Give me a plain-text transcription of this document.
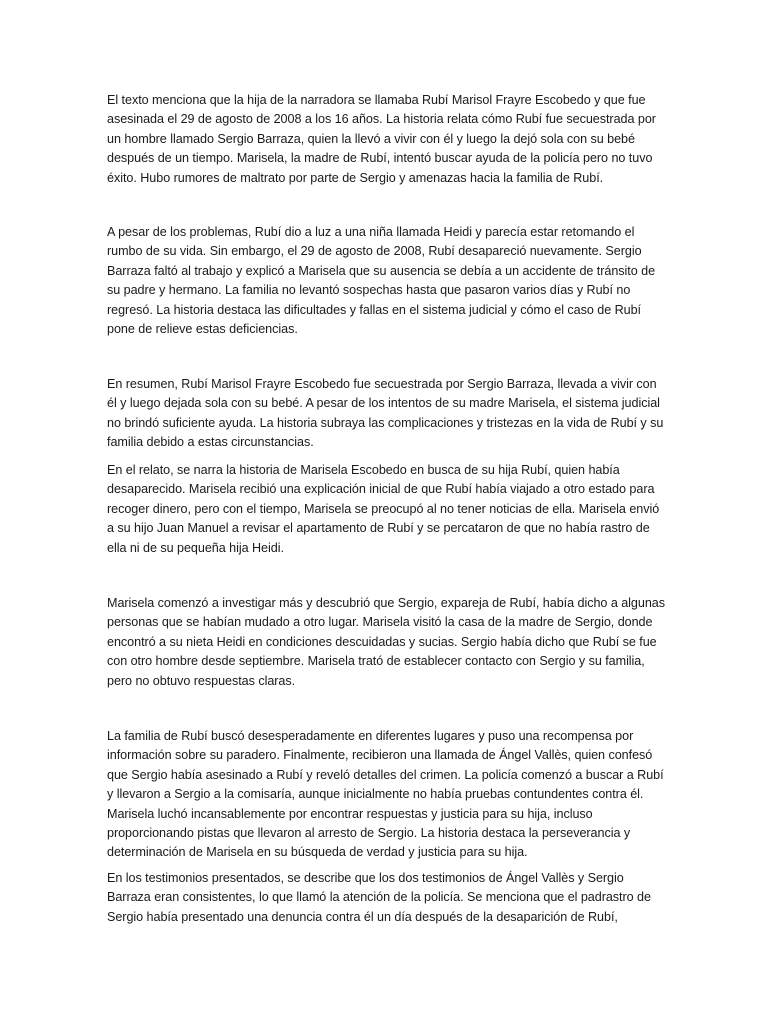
El texto menciona que la hija de la narradora se llamaba Rubí Marisol Frayre Escobedo y que fue asesinada el 29 de agosto de 2008 a los 16 años. La historia relata cómo Rubí fue secuestrada por un hombre llamado Sergio Barraza, quien la llevó a vivir con él y luego la dejó sola con su bebé después de un tiempo. Marisela, la madre de Rubí, intentó buscar ayuda de la policía pero no tuvo éxito. Hubo rumores de maltrato por parte de Sergio y amenazas hacia la familia de Rubí.

A pesar de los problemas, Rubí dio a luz a una niña llamada Heidi y parecía estar retomando el rumbo de su vida. Sin embargo, el 29 de agosto de 2008, Rubí desapareció nuevamente. Sergio Barraza faltó al trabajo y explicó a Marisela que su ausencia se debía a un accidente de tránsito de su padre y hermano. La familia no levantó sospechas hasta que pasaron varios días y Rubí no regresó. La historia destaca las dificultades y fallas en el sistema judicial y cómo el caso de Rubí pone de relieve estas deficiencias.

En resumen, Rubí Marisol Frayre Escobedo fue secuestrada por Sergio Barraza, llevada a vivir con él y luego dejada sola con su bebé. A pesar de los intentos de su madre Marisela, el sistema judicial no brindó suficiente ayuda. La historia subraya las complicaciones y tristezas en la vida de Rubí y su familia debido a estas circunstancias.

En el relato, se narra la historia de Marisela Escobedo en busca de su hija Rubí, quien había desaparecido. Marisela recibió una explicación inicial de que Rubí había viajado a otro estado para recoger dinero, pero con el tiempo, Marisela se preocupó al no tener noticias de ella. Marisela envió a su hijo Juan Manuel a revisar el apartamento de Rubí y se percataron de que no había rastro de ella ni de su pequeña hija Heidi.

Marisela comenzó a investigar más y descubrió que Sergio, expareja de Rubí, había dicho a algunas personas que se habían mudado a otro lugar. Marisela visitó la casa de la madre de Sergio, donde encontró a su nieta Heidi en condiciones descuidadas y sucias. Sergio había dicho que Rubí se fue con otro hombre desde septiembre. Marisela trató de establecer contacto con Sergio y su familia, pero no obtuvo respuestas claras.

La familia de Rubí buscó desesperadamente en diferentes lugares y puso una recompensa por información sobre su paradero. Finalmente, recibieron una llamada de Ángel Vallès, quien confesó que Sergio había asesinado a Rubí y reveló detalles del crimen. La policía comenzó a buscar a Rubí y llevaron a Sergio a la comisaría, aunque inicialmente no había pruebas contundentes contra él. Marisela luchó incansablemente por encontrar respuestas y justicia para su hija, incluso proporcionando pistas que llevaron al arresto de Sergio. La historia destaca la perseverancia y determinación de Marisela en su búsqueda de verdad y justicia para su hija.

En los testimonios presentados, se describe que los dos testimonios de Ángel Vallès y Sergio Barraza eran consistentes, lo que llamó la atención de la policía. Se menciona que el padrastro de Sergio había presentado una denuncia contra él un día después de la desaparición de Rubí,
